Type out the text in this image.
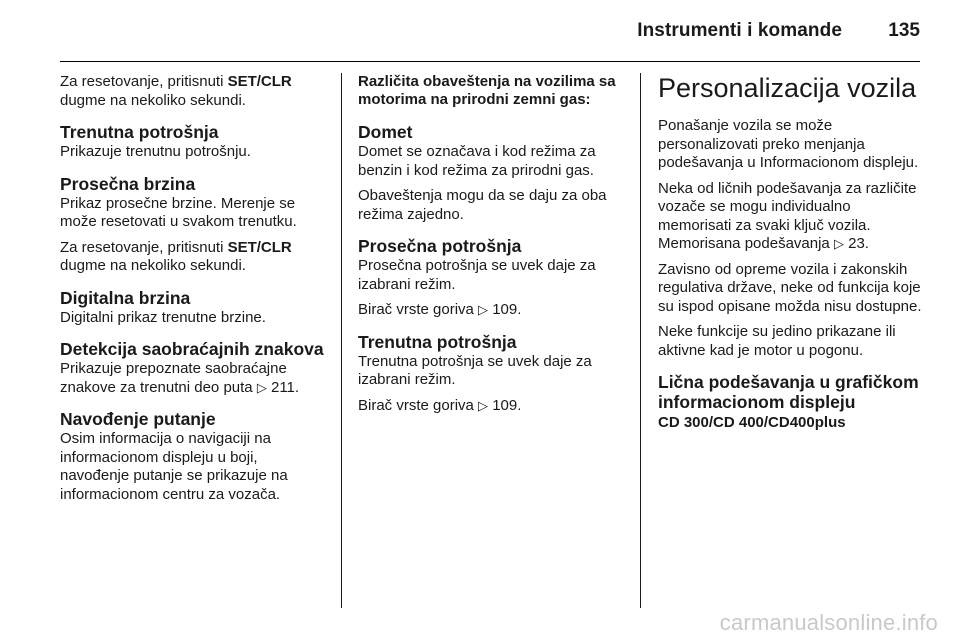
Instrumenti i komande 135

Za resetovanje, pritisnuti SET/CLR dugme na nekoliko sekundi.

Trenutna potrošnja

Prikazuje trenutnu potrošnju.

Prosečna brzina

Prikaz prosečne brzine. Merenje se može resetovati u svakom trenutku.

Za resetovanje, pritisnuti SET/CLR dugme na nekoliko sekundi.

Digitalna brzina

Digitalni prikaz trenutne brzine.

Detekcija saobraćajnih znakova

Prikazuje prepoznate saobraćajne znakove za trenutni deo puta ▷ 211.

Navođenje putanje

Osim informacija o navigaciji na informacionom displeju u boji, navođenje putanje se prikazuje na informacionom centru za vozača.

Različita obaveštenja na vozilima sa motorima na prirodni zemni gas:

Domet

Domet se označava i kod režima za benzin i kod režima za prirodni gas.

Obaveštenja mogu da se daju za oba režima zajedno.

Prosečna potrošnja

Prosečna potrošnja se uvek daje za izabrani režim.

Birač vrste goriva ▷ 109.

Trenutna potrošnja

Trenutna potrošnja se uvek daje za izabrani režim.

Birač vrste goriva ▷ 109.

Personalizacija vozila

Ponašanje vozila se može personalizovati preko menjanja podešavanja u Informacionom displeju.

Neka od ličnih podešavanja za različite vozače se mogu individualno memorisati za svaki ključ vozila. Memorisana podešavanja ▷ 23.

Zavisno od opreme vozila i zakonskih regulativa države, neke od funkcija koje su ispod opisane možda nisu dostupne.

Neke funkcije su jedino prikazane ili aktivne kad je motor u pogonu.

Lična podešavanja u grafičkom informacionom displeju

CD 300/CD 400/CD400plus

carmanualsonline.info
